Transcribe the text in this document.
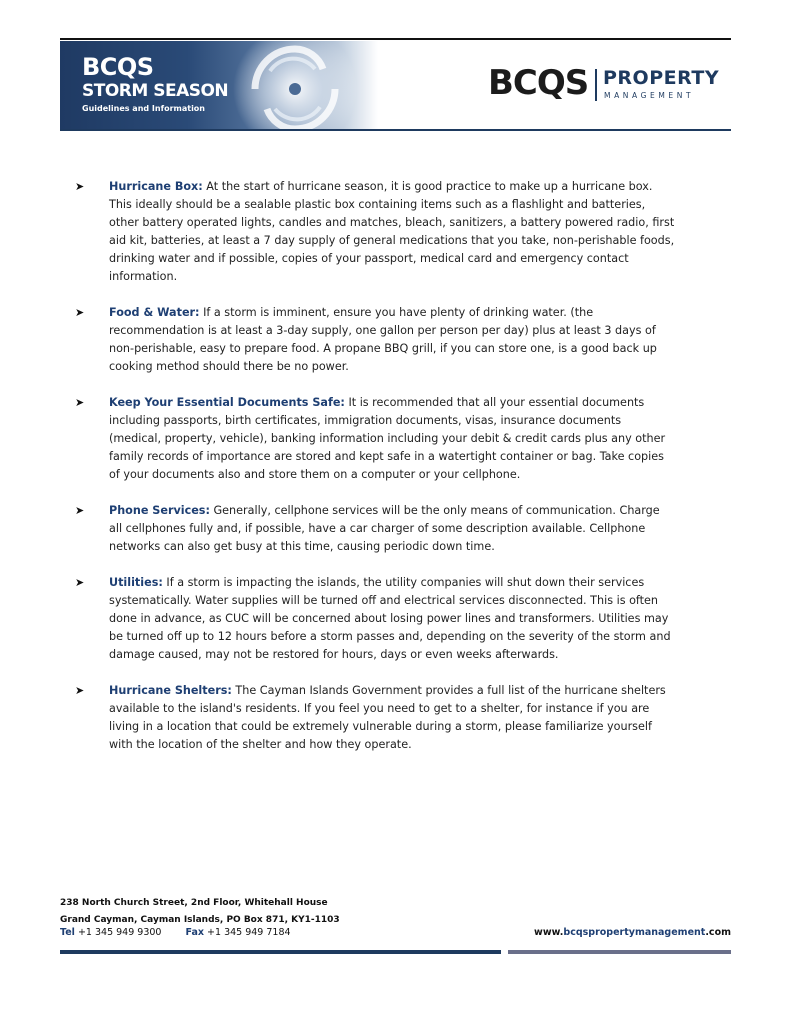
BCQS
STORM SEASON
Guidelines and Information
BCQS PROPERTY
MANAGEMENT
➤ Hurricane Box: At the start of hurricane season, it is good practice to make up a hurricane box. This ideally should be a sealable plastic box containing items such as a flashlight and batteries, other battery operated lights, candles and matches, bleach, sanitizers, a battery powered radio, first aid kit, batteries, at least a 7 day supply of general medications that you take, non-perishable foods, drinking water and if possible, copies of your passport, medical card and emergency contact information.
➤ Food & Water: If a storm is imminent, ensure you have plenty of drinking water. (the recommendation is at least a 3-day supply, one gallon per person per day) plus at least 3 days of non-perishable, easy to prepare food. A propane BBQ grill, if you can store one, is a good back up cooking method should there be no power.
➤ Keep Your Essential Documents Safe: It is recommended that all your essential documents including passports, birth certificates, immigration documents, visas, insurance documents (medical, property, vehicle), banking information including your debit & credit cards plus any other family records of importance are stored and kept safe in a watertight container or bag. Take copies of your documents also and store them on a computer or your cellphone.
➤ Phone Services: Generally, cellphone services will be the only means of communication. Charge all cellphones fully and, if possible, have a car charger of some description available. Cellphone networks can also get busy at this time, causing periodic down time.
➤ Utilities: If a storm is impacting the islands, the utility companies will shut down their services systematically. Water supplies will be turned off and electrical services disconnected. This is often done in advance, as CUC will be concerned about losing power lines and transformers. Utilities may be turned off up to 12 hours before a storm passes and, depending on the severity of the storm and damage caused, may not be restored for hours, days or even weeks afterwards.
➤ Hurricane Shelters: The Cayman Islands Government provides a full list of the hurricane shelters available to the island's residents. If you feel you need to get to a shelter, for instance if you are living in a location that could be extremely vulnerable during a storm, please familiarize yourself with the location of the shelter and how they operate.
238 North Church Street, 2nd Floor, Whitehall House
Grand Cayman, Cayman Islands, PO Box 871, KY1-1103
Tel +1 345 949 9300	Fax +1 345 949 7184	www.bcqspropertymanagement.com
